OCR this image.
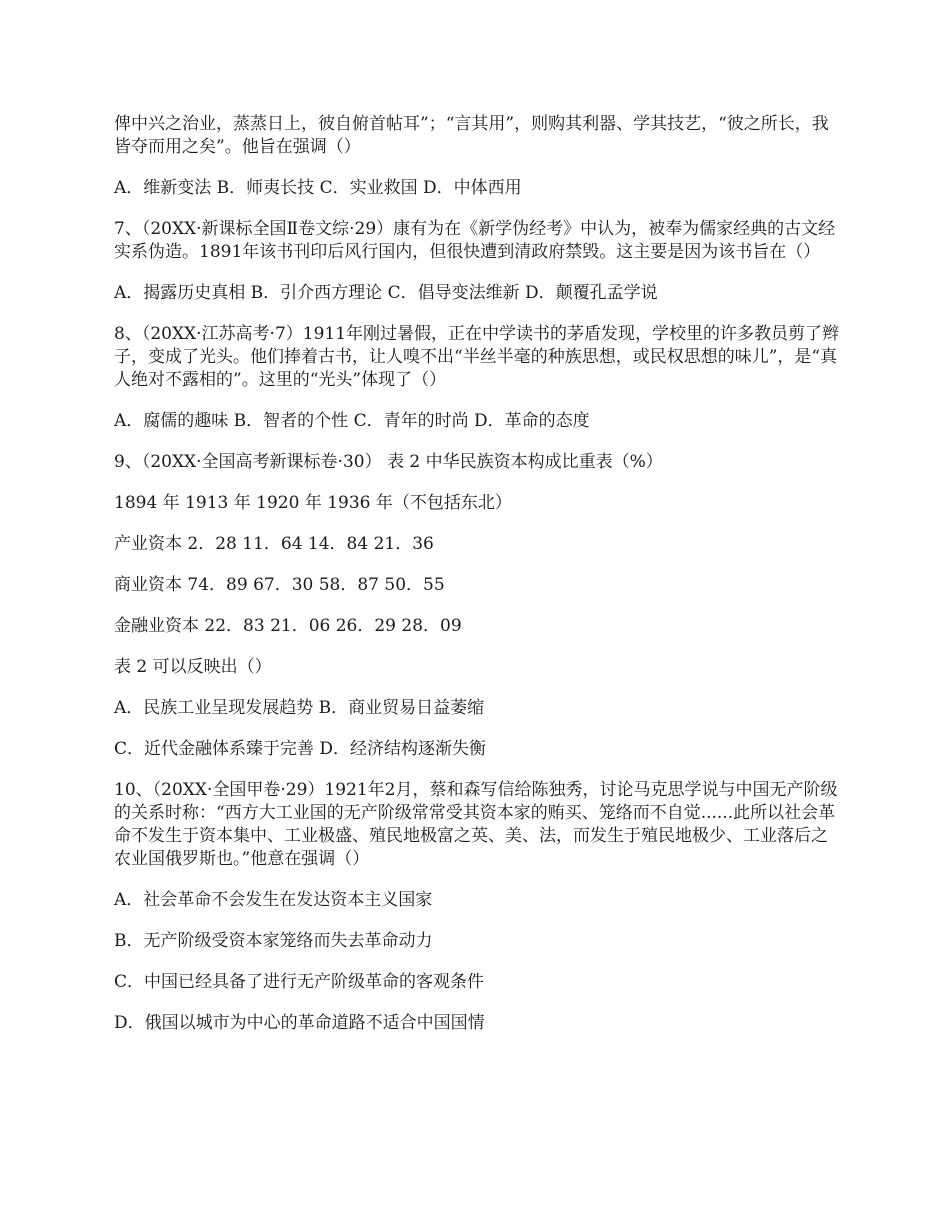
俾中兴之治业，蒸蒸日上，彼自俯首帖耳”；“言其用”，则购其利器、学其技艺，“彼之所长，我皆夺而用之矣”。他旨在强调（）

A．维新变法 B．师夷长技 C．实业救国 D．中体西用

7、（20XX·新课标全国Ⅱ卷文综·29）康有为在《新学伪经考》中认为，被奉为儒家经典的古文经实系伪造。1891年该书刊印后风行国内，但很快遭到清政府禁毁。这主要是因为该书旨在（）

A．揭露历史真相 B．引介西方理论 C．倡导变法维新 D．颠覆孔孟学说

8、（20XX·江苏高考·7）1911年刚过暑假，正在中学读书的茅盾发现，学校里的许多教员剪了辫子，变成了光头。他们捧着古书，让人嗅不出“半丝半毫的种族思想，或民权思想的味儿”，是“真人绝对不露相的”。这里的“光头”体现了（）

A．腐儒的趣味 B．智者的个性 C．青年的时尚 D．革命的态度

9、（20XX·全国高考新课标卷·30） 表 2 中华民族资本构成比重表（%）

1894 年 1913 年 1920 年 1936 年（不包括东北）

产业资本 2．28 11．64 14．84 21．36

商业资本 74．89 67．30 58．87 50．55

金融业资本 22．83 21．06 26．29 28．09

表 2 可以反映出（）

A．民族工业呈现发展趋势 B．商业贸易日益萎缩

C．近代金融体系臻于完善 D．经济结构逐渐失衡

10、（20XX·全国甲卷·29）1921年2月，蔡和森写信给陈独秀，讨论马克思学说与中国无产阶级的关系时称：“西方大工业国的无产阶级常常受其资本家的贿买、笼络而不自觉......此所以社会革命不发生于资本集中、工业极盛、殖民地极富之英、美、法，而发生于殖民地极少、工业落后之农业国俄罗斯也。”他意在强调（）

A．社会革命不会发生在发达资本主义国家

B．无产阶级受资本家笼络而失去革命动力

C．中国已经具备了进行无产阶级革命的客观条件

D．俄国以城市为中心的革命道路不适合中国国情
